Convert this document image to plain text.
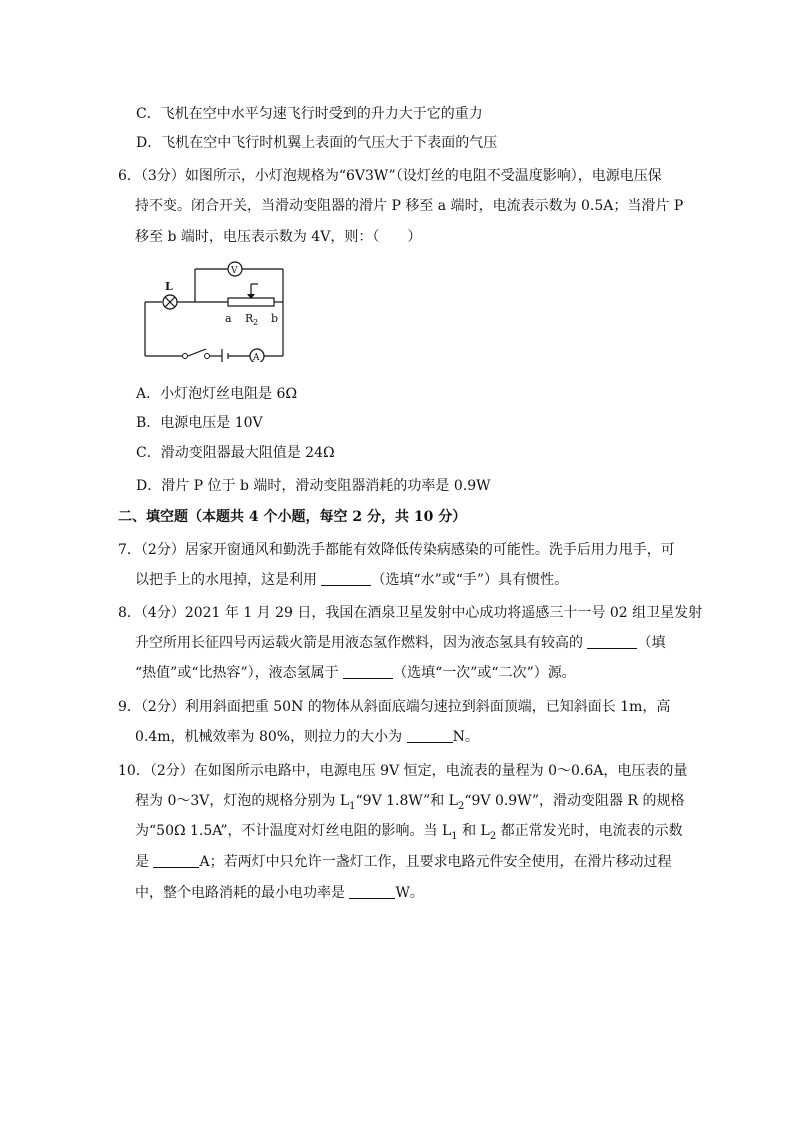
C．飞机在空中水平匀速飞行时受到的升力大于它的重力
D．飞机在空中飞行时机翼上表面的气压大于下表面的气压
6．（3分）如图所示，小灯泡规格为“6V3W”（设灯丝的电阻不受温度影响），电源电压保
持不变。闭合开关，当滑动变阻器的滑片 P 移至 a 端时，电流表示数为 0.5A；当滑片 P
移至 b 端时，电压表示数为 4V，则：（　　）
L
V
A
a R 2 b
A．小灯泡灯丝电阻是 6Ω
B．电源电压是 10V
C．滑动变阻器最大阻值是 24Ω
D．滑片 P 位于 b 端时，滑动变阻器消耗的功率是 0.9W
二、填空题（本题共 4 个小题，每空 2 分，共 10 分）
7．（2分）居家开窗通风和勤洗手都能有效降低传染病感染的可能性。洗手后用力甩手，可
以把手上的水甩掉，这是利用	（选填“水”或“手”）具有惯性。
8．（4分）2021 年 1 月 29 日，我国在酒泉卫星发射中心成功将遥感三十一号 02 组卫星发射
升空所用长征四号丙运载火箭是用液态氢作燃料，因为液态氢具有较高的	（填
“热值”或“比热容”），液态氢属于	（选填“一次”或“二次”）源。
9．（2分）利用斜面把重 50N 的物体从斜面底端匀速拉到斜面顶端，已知斜面长 1m，高
0.4m，机械效率为 80%，则拉力的大小为	N。
10．（2分）在如图所示电路中，电源电压 9V 恒定，电流表的量程为 0～0.6A，电压表的量
程为 0～3V，灯泡的规格分别为 $L_1“9V$ 1.8W”和 $L_2“9V$ 0.9W”，滑动变阻器 R 的规格
为“50Ω 1.5A”，不计温度对灯丝电阻的影响。当 $L_1$ 和 $L_2$ 都正常发光时，电流表的示数
是	A；若两灯中只允许一盏灯工作，且要求电路元件安全使用，在滑片移动过程
中，整个电路消耗的最小电功率是	W。
